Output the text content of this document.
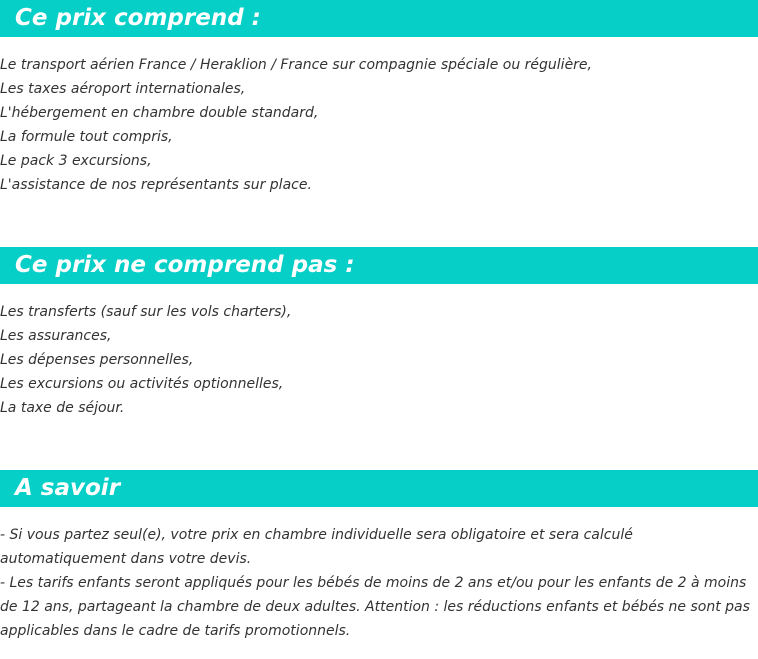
Ce prix comprend :
Le transport aérien France / Heraklion / France sur compagnie spéciale ou régulière,
Les taxes aéroport internationales,
L'hébergement en chambre double standard,
La formule tout compris,
Le pack 3 excursions,
L'assistance de nos représentants sur place.
Ce prix ne comprend pas :
Les transferts (sauf sur les vols charters),
Les assurances,
Les dépenses personnelles,
Les excursions ou activités optionnelles,
La taxe de séjour.
A savoir

- Si vous partez seul(e), votre prix en chambre individuelle sera obligatoire et sera calculé automatiquement dans votre devis.

- Les tarifs enfants seront appliqués pour les bébés de moins de 2 ans et/ou pour les enfants de 2 à moins de 12 ans, partageant la chambre de deux adultes. Attention : les réductions enfants et bébés ne sont pas applicables dans le cadre de tarifs promotionnels.
